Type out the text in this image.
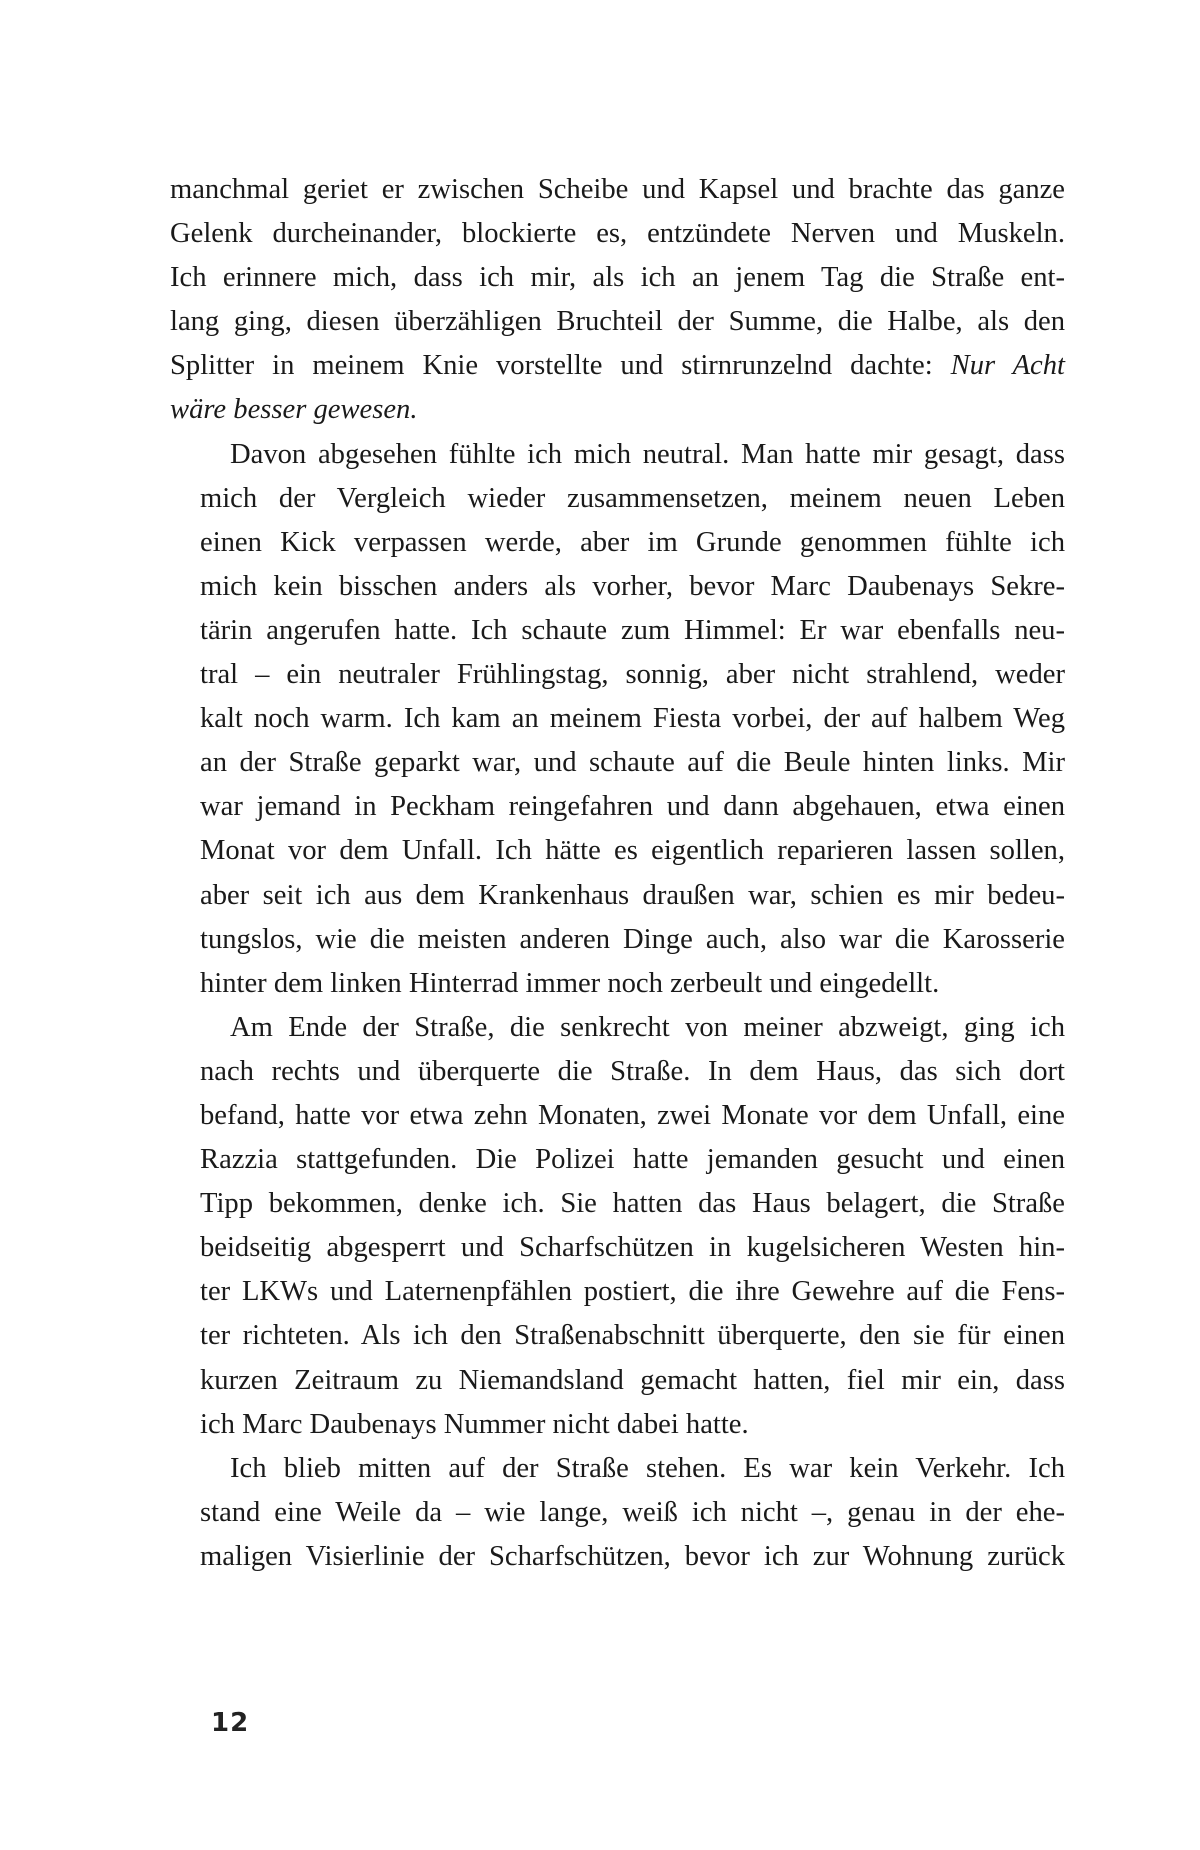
manchmal geriet er zwischen Scheibe und Kapsel und brachte das ganze
Gelenk durcheinander, blockierte es, entzündete Nerven und Muskeln.
Ich erinnere mich, dass ich mir, als ich an jenem Tag die Straße ent-
lang ging, diesen überzähligen Bruchteil der Summe, die Halbe, als den
Splitter in meinem Knie vorstellte und stirnrunzelnd dachte: Nur Acht
wäre besser gewesen.

Davon abgesehen fühlte ich mich neutral. Man hatte mir gesagt, dass
mich der Vergleich wieder zusammensetzen, meinem neuen Leben
einen Kick verpassen werde, aber im Grunde genommen fühlte ich
mich kein bisschen anders als vorher, bevor Marc Daubenays Sekre-
tärin angerufen hatte. Ich schaute zum Himmel: Er war ebenfalls neu-
tral – ein neutraler Frühlingstag, sonnig, aber nicht strahlend, weder
kalt noch warm. Ich kam an meinem Fiesta vorbei, der auf halbem Weg
an der Straße geparkt war, und schaute auf die Beule hinten links. Mir
war jemand in Peckham reingefahren und dann abgehauen, etwa einen
Monat vor dem Unfall. Ich hätte es eigentlich reparieren lassen sollen,
aber seit ich aus dem Krankenhaus draußen war, schien es mir bedeu-
tungslos, wie die meisten anderen Dinge auch, also war die Karosserie
hinter dem linken Hinterrad immer noch zerbeult und eingedellt.

Am Ende der Straße, die senkrecht von meiner abzweigt, ging ich
nach rechts und überquerte die Straße. In dem Haus, das sich dort
befand, hatte vor etwa zehn Monaten, zwei Monate vor dem Unfall, eine
Razzia stattgefunden. Die Polizei hatte jemanden gesucht und einen
Tipp bekommen, denke ich. Sie hatten das Haus belagert, die Straße
beidseitig abgesperrt und Scharfschützen in kugelsicheren Westen hin-
ter LKWs und Laternenpfählen postiert, die ihre Gewehre auf die Fens-
ter richteten. Als ich den Straßenabschnitt überquerte, den sie für einen
kurzen Zeitraum zu Niemandsland gemacht hatten, fiel mir ein, dass
ich Marc Daubenays Nummer nicht dabei hatte.

Ich blieb mitten auf der Straße stehen. Es war kein Verkehr. Ich
stand eine Weile da – wie lange, weiß ich nicht –, genau in der ehe-
maligen Visierlinie der Scharfschützen, bevor ich zur Wohnung zurück

12
